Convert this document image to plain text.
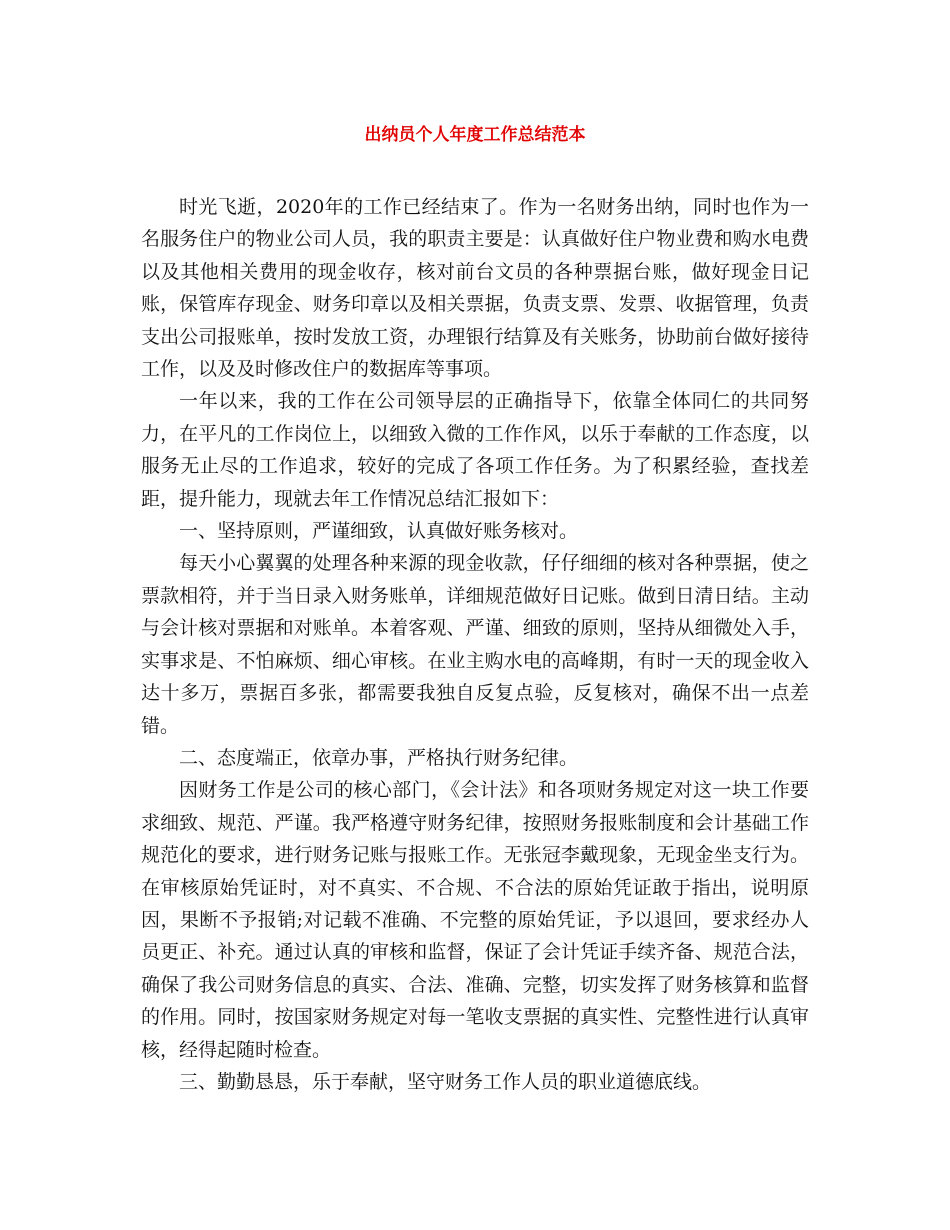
出纳员个人年度工作总结范本

时光飞逝，2020年的工作已经结束了。作为一名财务出纳，同时也作为一名服务住户的物业公司人员，我的职责主要是：认真做好住户物业费和购水电费以及其他相关费用的现金收存，核对前台文员的各种票据台账，做好现金日记账，保管库存现金、财务印章以及相关票据，负责支票、发票、收据管理，负责支出公司报账单，按时发放工资，办理银行结算及有关账务，协助前台做好接待工作，以及及时修改住户的数据库等事项。

一年以来，我的工作在公司领导层的正确指导下，依靠全体同仁的共同努力，在平凡的工作岗位上，以细致入微的工作作风，以乐于奉献的工作态度，以服务无止尽的工作追求，较好的完成了各项工作任务。为了积累经验，查找差距，提升能力，现就去年工作情况总结汇报如下：

一、坚持原则，严谨细致，认真做好账务核对。

每天小心翼翼的处理各种来源的现金收款，仔仔细细的核对各种票据，使之票款相符，并于当日录入财务账单，详细规范做好日记账。做到日清日结。主动与会计核对票据和对账单。本着客观、严谨、细致的原则，坚持从细微处入手，实事求是、不怕麻烦、细心审核。在业主购水电的高峰期，有时一天的现金收入达十多万，票据百多张，都需要我独自反复点验，反复核对，确保不出一点差错。

二、态度端正，依章办事，严格执行财务纪律。

因财务工作是公司的核心部门，《会计法》和各项财务规定对这一块工作要求细致、规范、严谨。我严格遵守财务纪律，按照财务报账制度和会计基础工作规范化的要求，进行财务记账与报账工作。无张冠李戴现象，无现金坐支行为。在审核原始凭证时，对不真实、不合规、不合法的原始凭证敢于指出，说明原因，果断不予报销;对记载不准确、不完整的原始凭证，予以退回，要求经办人员更正、补充。通过认真的审核和监督，保证了会计凭证手续齐备、规范合法，确保了我公司财务信息的真实、合法、准确、完整，切实发挥了财务核算和监督的作用。同时，按国家财务规定对每一笔收支票据的真实性、完整性进行认真审核，经得起随时检查。

三、勤勤恳恳，乐于奉献，坚守财务工作人员的职业道德底线。
